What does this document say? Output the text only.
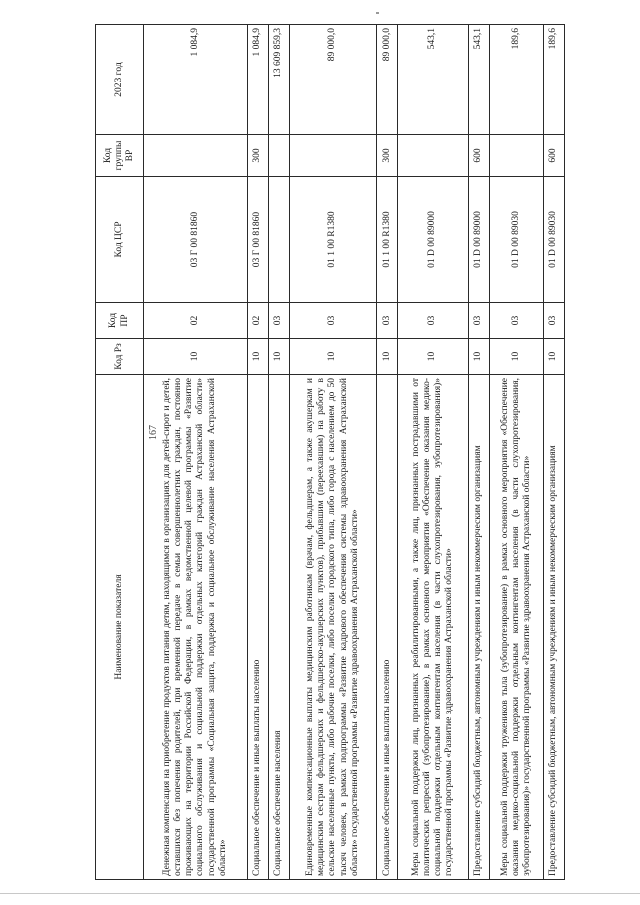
167
Наименование показателя	Код Рз	Код ПР	Код ЦСР	Код группы ВР	2023 год
Денежная компенсация на приобретение продуктов питания детям, находящимся в организациях для детей-сирот и детей, оставшихся без попечения родителей, при временной передаче в семьи совершеннолетних граждан, постоянно проживающих на территории Российской Федерации, в рамках ведомственной целевой программы «Развитие социального обслуживания и социальной поддержки отдельных категорий граждан Астраханской области» государственной программы «Социальная защита, поддержка и социальное обслуживание населения Астраханской области»	10	02	03 Г 00 81860		1 084,9
Социальное обеспечение и иные выплаты населению	10	02	03 Г 00 81860	300	1 084,9
Социальное обеспечение населения	10	03			13 609 859,3
Единовременные компенсационные выплаты медицинским работникам (врачам, фельдшерам, а также акушеркам и медицинским сестрам фельдшерских и фельдшерско-акушерских пунктов), прибывшим (переехавшим) на работу в сельские населенные пункты, либо рабочие поселки, либо поселки городского типа, либо города с населением до 50 тысяч человек, в рамках подпрограммы «Развитие кадрового обеспечения системы здравоохранения Астраханской области» государственной программы «Развитие здравоохранения Астраханской области»	10	03	01 1 00 R1380		89 000,0
Социальное обеспечение и иные выплаты населению	10	03	01 1 00 R1380	300	89 000,0
Меры социальной поддержки лиц, признанных реабилитированными, а также лиц, признанных пострадавшими от политических репрессий (зубопротезирование), в рамках основного мероприятия «Обеспечение оказания медико-социальной поддержки отдельным контингентам населения (в части слухопротезирования, зубопротезирования)» государственной программы «Развитие здравоохранения Астраханской области»	10	03	01 D 00 89000		543,1
Предоставление субсидий бюджетным, автономным учреждениям и иным некоммерческим организациям	10	03	01 D 00 89000	600	543,1
Меры социальной поддержки тружеников тыла (зубопротезирование) в рамках основного мероприятия «Обеспечение оказания медико-социальной поддержки отдельным контингентам населения (в части слухопротезирования, зубопротезирования)» государственной программы «Развитие здравоохранения Астраханской области»	10	03	01 D 00 89030		189,6
Предоставление субсидий бюджетным, автономным учреждениям и иным некоммерческим организациям	10	03	01 D 00 89030	600	189,6
